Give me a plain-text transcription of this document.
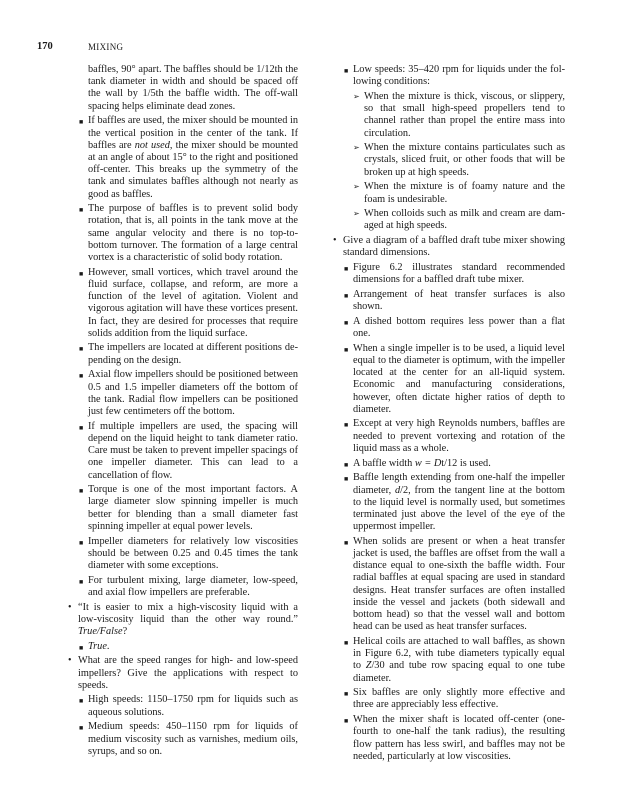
170	MIXING
baffles, 90° apart. The baffles should be 1/12th the tank diameter in width and should be spaced off the wall by 1/5th the baffle width. The off-wall spacing helps eliminate dead zones.
■ If baffles are used, the mixer should be mounted in the vertical position in the center of the tank. If baffles are not used, the mixer should be mounted at an angle of about 15° to the right and positioned off-center. This breaks up the symmetry of the tank and simulates baffles although not nearly as good as baffles.
■ The purpose of baffles is to prevent solid body rotation, that is, all points in the tank move at the same angular velocity and there is no top-to-bottom turnover. The formation of a large central vortex is a characteristic of solid body rotation.
■ However, small vortices, which travel around the fluid surface, collapse, and reform, are more a function of the level of agitation. Violent and vigorous agitation will have these vortices present. In fact, they are desired for processes that require solids addition from the liquid surface.
■ The impellers are located at different positions depending on the design.
■ Axial flow impellers should be positioned between 0.5 and 1.5 impeller diameters off the bottom of the tank. Radial flow impellers can be positioned just few centimeters off the bottom.
■ If multiple impellers are used, the spacing will depend on the liquid height to tank diameter ratio. Care must be taken to prevent impeller spacings of one impeller diameter. This can lead to a cancellation of flow.
■ Torque is one of the most important factors. A large diameter slow spinning impeller is much better for blending than a small diameter fast spinning impeller at equal power levels.
■ Impeller diameters for relatively low viscosities should be between 0.25 and 0.45 times the tank diameter with some exceptions.
■ For turbulent mixing, large diameter, low-speed, and axial flow impellers are preferable.
• “It is easier to mix a high-viscosity liquid with a low-viscosity liquid than the other way round.” True/False?
■ True.
• What are the speed ranges for high- and low-speed impellers? Give the applications with respect to speeds.
■ High speeds: 1150–1750 rpm for liquids such as aqueous solutions.
■ Medium speeds: 450–1150 rpm for liquids of medium viscosity such as varnishes, medium oils, syrups, and so on.
■ Low speeds: 35–420 rpm for liquids under the following conditions:
➢ When the mixture is thick, viscous, or slippery, so that small high-speed propellers tend to channel rather than propel the entire mass into circulation.
➢ When the mixture contains particulates such as crystals, sliced fruit, or other foods that will be broken up at high speeds.
➢ When the mixture is of foamy nature and the foam is undesirable.
➢ When colloids such as milk and cream are damaged at high speeds.
• Give a diagram of a baffled draft tube mixer showing standard dimensions.
■ Figure 6.2 illustrates standard recommended dimensions for a baffled draft tube mixer.
■ Arrangement of heat transfer surfaces is also shown.
■ A dished bottom requires less power than a flat one.
■ When a single impeller is to be used, a liquid level equal to the diameter is optimum, with the impeller located at the center for an all-liquid system. Economic and manufacturing considerations, however, often dictate higher ratios of depth to diameter.
■ Except at very high Reynolds numbers, baffles are needed to prevent vortexing and rotation of the liquid mass as a whole.
■ A baffle width w = Dt/12 is used.
■ Baffle length extending from one-half the impeller diameter, d/2, from the tangent line at the bottom to the liquid level is normally used, but sometimes terminated just above the level of the eye of the uppermost impeller.
■ When solids are present or when a heat transfer jacket is used, the baffles are offset from the wall a distance equal to one-sixth the baffle width. Four radial baffles at equal spacing are used in standard designs. Heat transfer surfaces are often installed inside the vessel and jackets (both sidewall and bottom head) so that the vessel wall and bottom head can be used as heat transfer surfaces.
■ Helical coils are attached to wall baffles, as shown in Figure 6.2, with tube diameters typically equal to Z/30 and tube row spacing equal to one tube diameter.
■ Six baffles are only slightly more effective and three are appreciably less effective.
■ When the mixer shaft is located off-center (one-fourth to one-half the tank radius), the resulting flow pattern has less swirl, and baffles may not be needed, particularly at low viscosities.
